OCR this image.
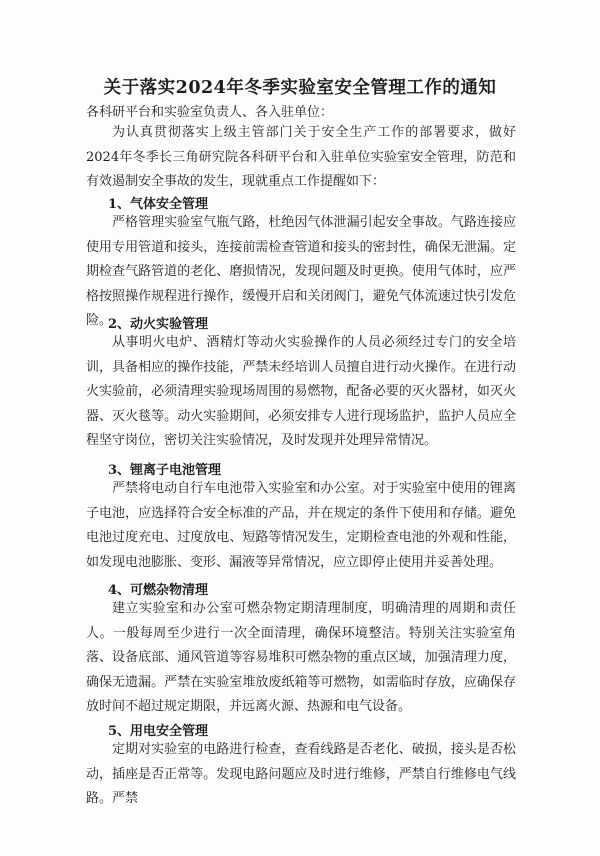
关于落实2024年冬季实验室安全管理工作的通知
各科研平台和实验室负责人、各入驻单位：

为认真贯彻落实上级主管部门关于安全生产工作的部署要求，做好2024年冬季长三角研究院各科研平台和入驻单位实验室安全管理，防范和有效遏制安全事故的发生，现就重点工作提醒如下：

1、气体安全管理

严格管理实验室气瓶气路，杜绝因气体泄漏引起安全事故。气路连接应使用专用管道和接头，连接前需检查管道和接头的密封性，确保无泄漏。定期检查气路管道的老化、磨损情况，发现问题及时更换。使用气体时，应严格按照操作规程进行操作，缓慢开启和关闭阀门，避免气体流速过快引发危险。

2、动火实验管理

从事明火电炉、酒精灯等动火实验操作的人员必须经过专门的安全培训，具备相应的操作技能，严禁未经培训人员擅自进行动火操作。在进行动火实验前，必须清理实验现场周围的易燃物，配备必要的灭火器材，如灭火器、灭火毯等。动火实验期间，必须安排专人进行现场监护，监护人员应全程坚守岗位，密切关注实验情况，及时发现并处理异常情况。

3、锂离子电池管理

严禁将电动自行车电池带入实验室和办公室。对于实验室中使用的锂离子电池，应选择符合安全标准的产品，并在规定的条件下使用和存储。避免电池过度充电、过度放电、短路等情况发生，定期检查电池的外观和性能，如发现电池膨胀、变形、漏液等异常情况，应立即停止使用并妥善处理。

4、可燃杂物清理

建立实验室和办公室可燃杂物定期清理制度，明确清理的周期和责任人。一般每周至少进行一次全面清理，确保环境整洁。特别关注实验室角落、设备底部、通风管道等容易堆积可燃杂物的重点区域，加强清理力度，确保无遗漏。严禁在实验室堆放废纸箱等可燃物，如需临时存放，应确保存放时间不超过规定期限，并远离火源、热源和电气设备。

5、用电安全管理

定期对实验室的电路进行检查，查看线路是否老化、破损，接头是否松动，插座是否正常等。发现电路问题应及时进行维修，严禁自行维修电气线路。严禁
